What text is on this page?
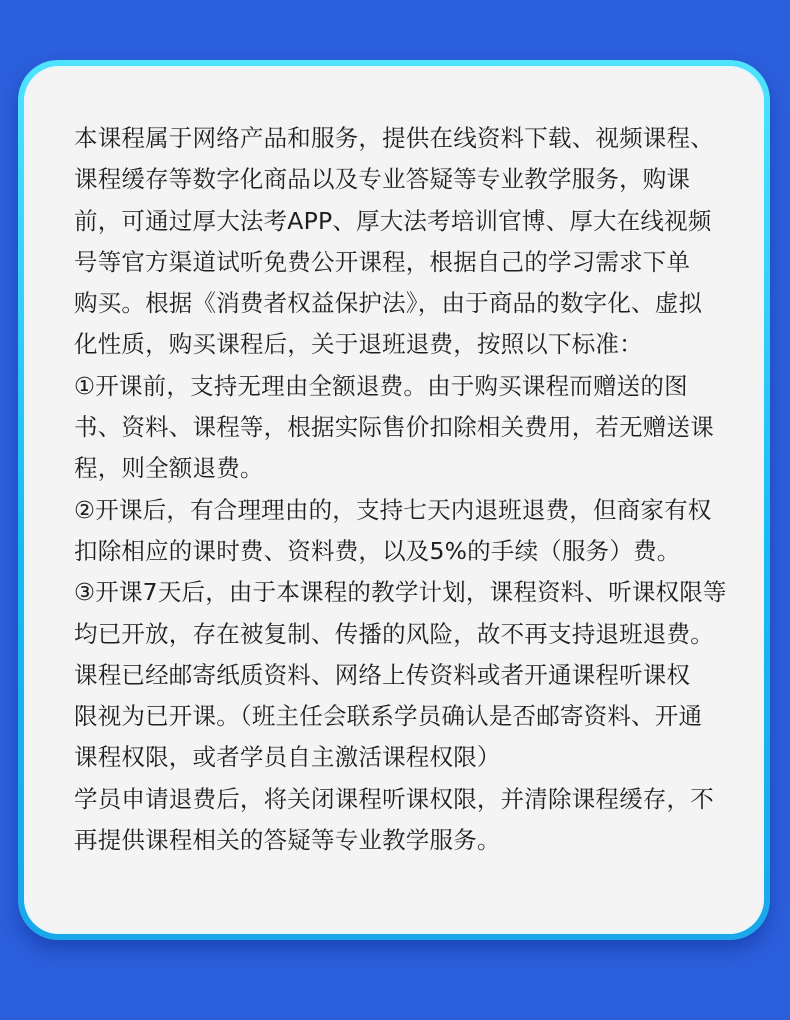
本课程属于网络产品和服务，提供在线资料下载、视频课程、
课程缓存等数字化商品以及专业答疑等专业教学服务，购课
前，可通过厚大法考APP、厚大法考培训官博、厚大在线视频
号等官方渠道试听免费公开课程，根据自己的学习需求下单
购买。根据《消费者权益保护法》，由于商品的数字化、虚拟
化性质，购买课程后，关于退班退费，按照以下标准：
①开课前，支持无理由全额退费。由于购买课程而赠送的图
书、资料、课程等，根据实际售价扣除相关费用，若无赠送课
程，则全额退费。
②开课后，有合理理由的，支持七天内退班退费，但商家有权
扣除相应的课时费、资料费，以及5%的手续（服务）费。
③开课7天后，由于本课程的教学计划，课程资料、听课权限等
均已开放，存在被复制、传播的风险，故不再支持退班退费。
课程已经邮寄纸质资料、网络上传资料或者开通课程听课权
限视为已开课。（班主任会联系学员确认是否邮寄资料、开通
课程权限，或者学员自主激活课程权限）
学员申请退费后，将关闭课程听课权限，并清除课程缓存，不
再提供课程相关的答疑等专业教学服务。
